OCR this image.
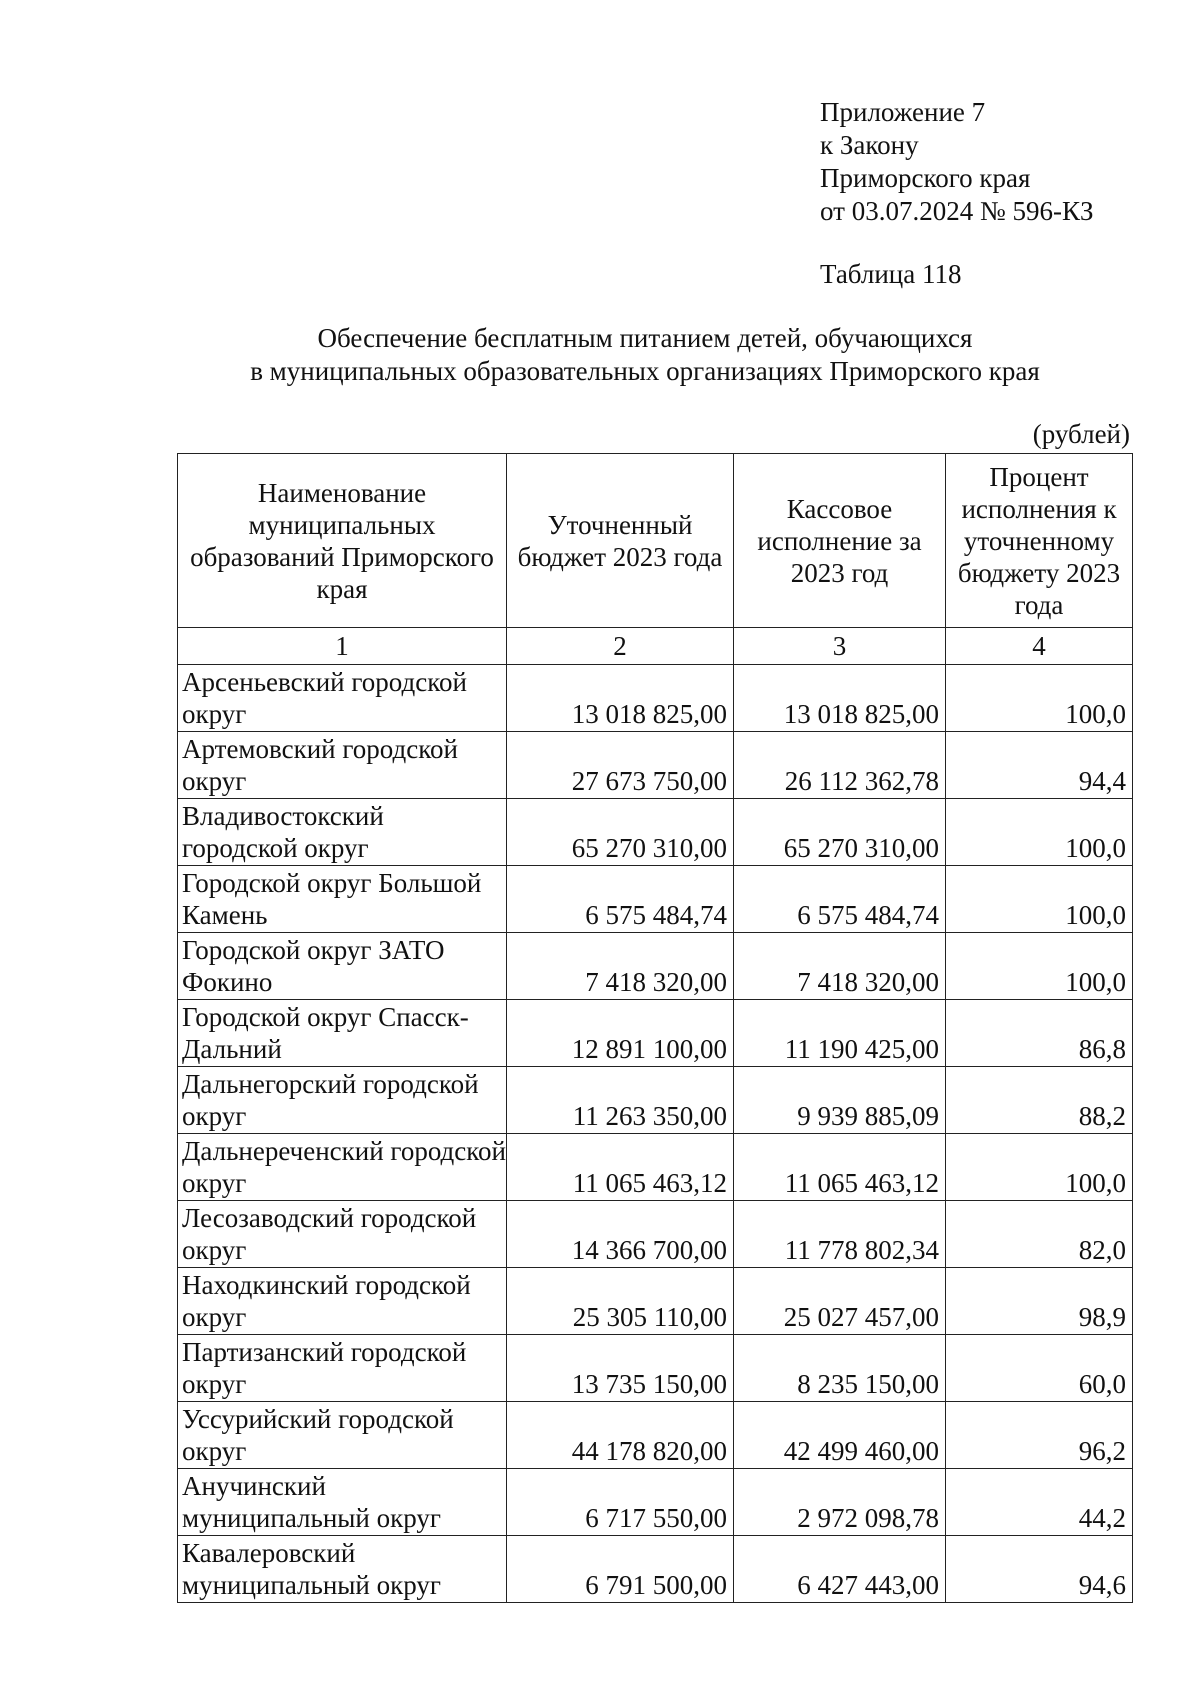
Приложение 7
к Закону
Приморского края
от 03.07.2024 № 596-КЗ
Таблица 118
Обеспечение бесплатным питанием детей, обучающихся
в муниципальных образовательных организациях Приморского края
(рублей)
Наименование муниципальных образований Приморского края	Уточненный бюджет 2023 года	Кассовое исполнение за 2023 год	Процент исполнения к уточненному бюджету 2023 года
1	2	3	4
Арсеньевский городской округ	13 018 825,00	13 018 825,00	100,0
Артемовский городской округ	27 673 750,00	26 112 362,78	94,4
Владивостокский городской округ	65 270 310,00	65 270 310,00	100,0
Городской округ Большой Камень	6 575 484,74	6 575 484,74	100,0
Городской округ ЗАТО Фокино	7 418 320,00	7 418 320,00	100,0
Городской округ Спасск-Дальний	12 891 100,00	11 190 425,00	86,8
Дальнегорский городской округ	11 263 350,00	9 939 885,09	88,2
Дальнереченский городской округ	11 065 463,12	11 065 463,12	100,0
Лесозаводский городской округ	14 366 700,00	11 778 802,34	82,0
Находкинский городской округ	25 305 110,00	25 027 457,00	98,9
Партизанский городской округ	13 735 150,00	8 235 150,00	60,0
Уссурийский городской округ	44 178 820,00	42 499 460,00	96,2
Анучинский муниципальный округ	6 717 550,00	2 972 098,78	44,2
Кавалеровский муниципальный округ	6 791 500,00	6 427 443,00	94,6
